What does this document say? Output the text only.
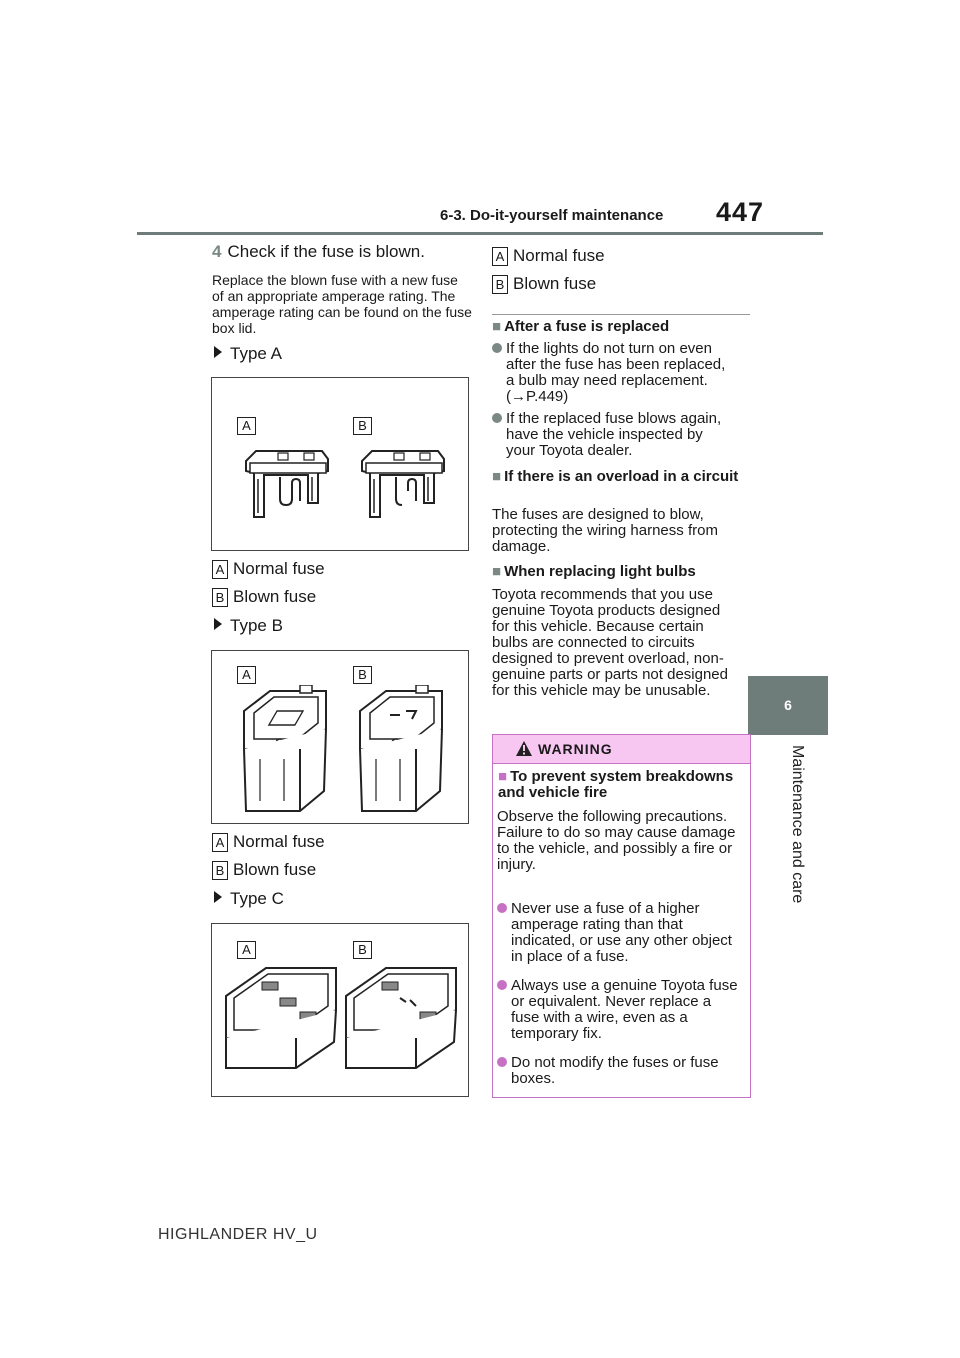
6-3. Do-it-yourself maintenance 447
6
Maintenance and care
4 Check if the fuse is blown.
Replace the blown fuse with a new fuse of an appropriate amperage rating. The amperage rating can be found on the fuse box lid.
Type A
A	B
A Normal fuse
B Blown fuse
Type B
A	B
A Normal fuse
B Blown fuse
Type C
A	B
A Normal fuse
B Blown fuse
■ After a fuse is replaced
If the lights do not turn on even after the fuse has been replaced, a bulb may need replacement. (→P.449)
If the replaced fuse blows again, have the vehicle inspected by your Toyota dealer.
■ If there is an overload in a circuit
The fuses are designed to blow, protecting the wiring harness from damage.
■ When replacing light bulbs
Toyota recommends that you use genuine Toyota products designed for this vehicle. Because certain bulbs are connected to circuits designed to prevent overload, non-genuine parts or parts not designed for this vehicle may be unusable.
■ To prevent system breakdowns and vehicle fire
Observe the following precautions. Failure to do so may cause damage to the vehicle, and possibly a fire or injury.
Never use a fuse of a higher amperage rating than that indicated, or use any other object in place of a fuse.
Always use a genuine Toyota fuse or equivalent. Never replace a fuse with a wire, even as a temporary fix.
Do not modify the fuses or fuse boxes.
WARNING
HIGHLANDER HV_U
